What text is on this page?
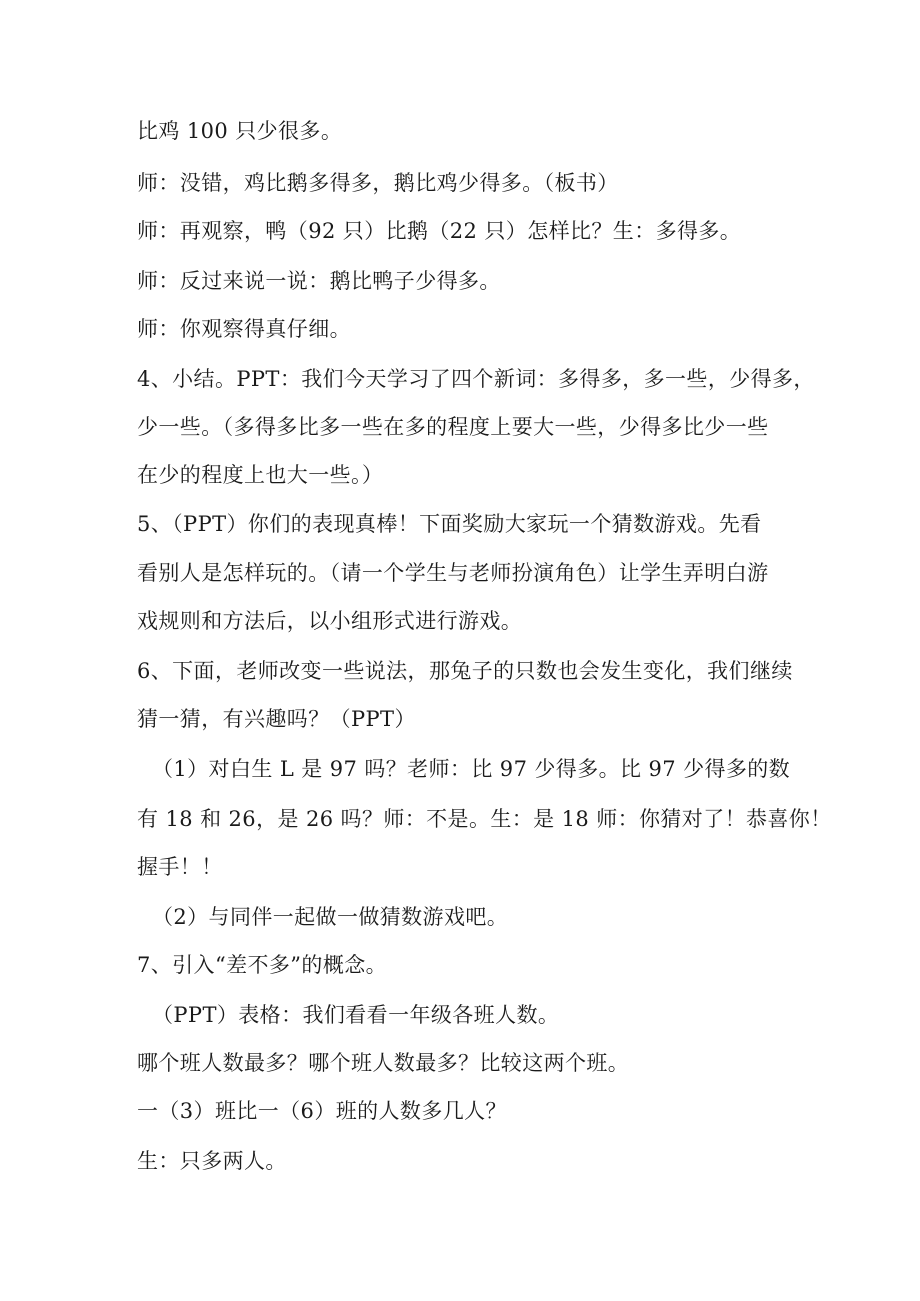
比鸡 100 只少很多。
师：没错，鸡比鹅多得多，鹅比鸡少得多。（板书）
师：再观察，鸭（92 只）比鹅（22 只）怎样比？生：多得多。
师：反过来说一说：鹅比鸭子少得多。
师：你观察得真仔细。
4、小结。PPT：我们今天学习了四个新词：多得多，多一些，少得多，
少一些。（多得多比多一些在多的程度上要大一些，少得多比少一些
在少的程度上也大一些。）
5、（PPT）你们的表现真棒！下面奖励大家玩一个猜数游戏。先看
看别人是怎样玩的。（请一个学生与老师扮演角色）让学生弄明白游
戏规则和方法后，以小组形式进行游戏。
6、下面，老师改变一些说法，那兔子的只数也会发生变化，我们继续
猜一猜，有兴趣吗？（PPT）
（1）对白生 L 是 97 吗？老师：比 97 少得多。比 97 少得多的数
有 18 和 26，是 26 吗？师：不是。生：是 18 师：你猜对了！恭喜你！
握手！！
（2）与同伴一起做一做猜数游戏吧。
7、引入“差不多”的概念。
（PPT）表格：我们看看一年级各班人数。
哪个班人数最多？哪个班人数最多？比较这两个班。
一（3）班比一（6）班的人数多几人？
生：只多两人。
